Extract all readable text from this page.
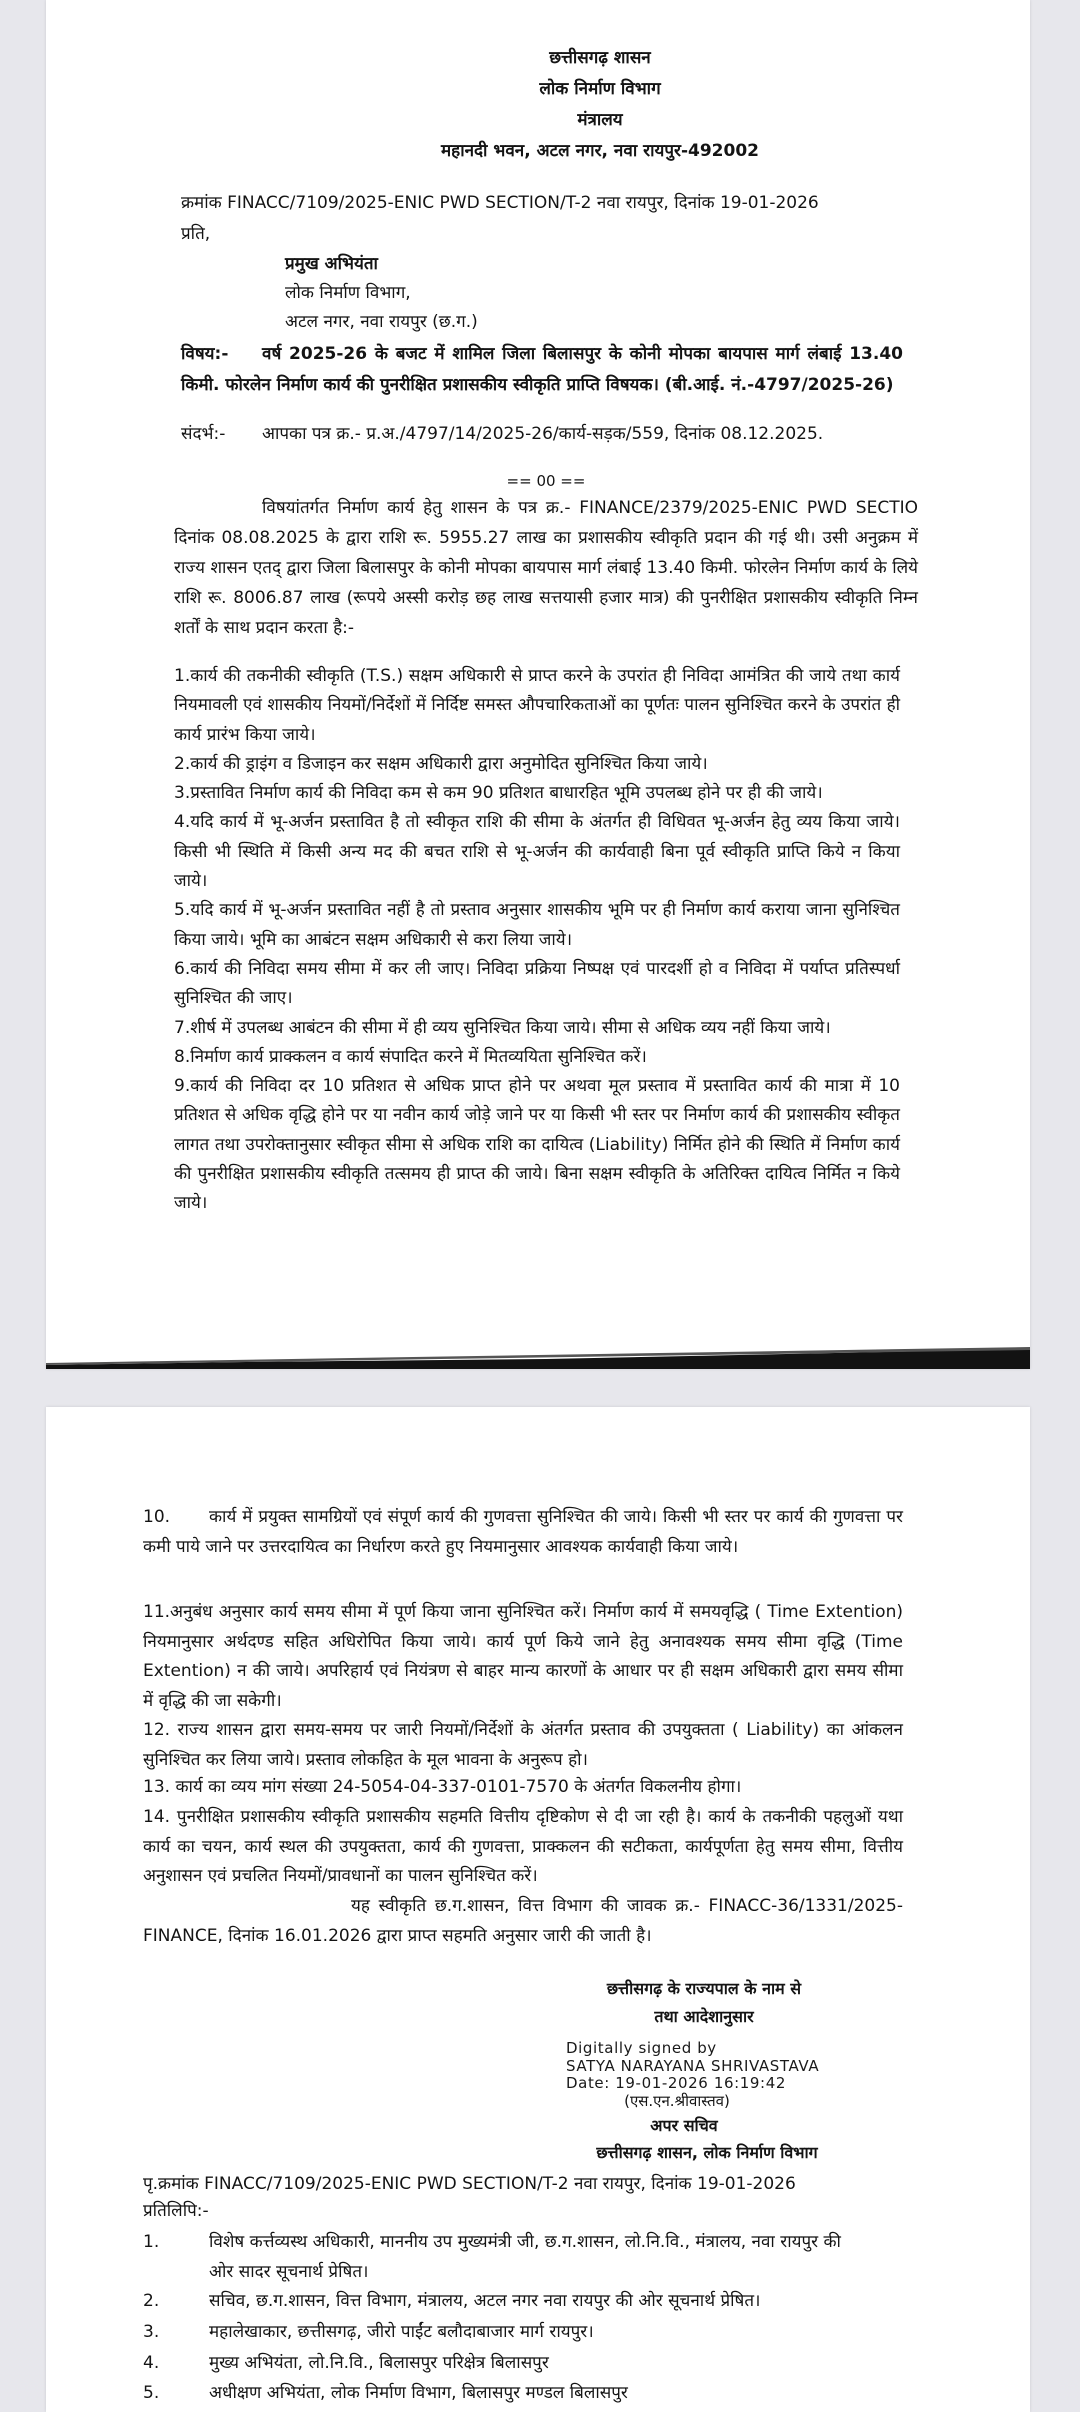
छत्तीसगढ़ शासन
लोक निर्माण विभाग
मंत्रालय
महानदी भवन, अटल नगर, नवा रायपुर-492002
क्रमांक FINACC/7109/2025-ENIC PWD SECTION/T-2 नवा रायपुर, दिनांक 19-01-2026
प्रति,
प्रमुख अभियंता
लोक निर्माण विभाग,
अटल नगर, नवा रायपुर (छ.ग.)

विषय:- वर्ष 2025-26 के बजट में शामिल जिला बिलासपुर के कोनी मोपका बायपास मार्ग लंबाई 13.40 किमी. फोरलेन निर्माण कार्य की पुनरीक्षित प्रशासकीय स्वीकृति प्राप्ति विषयक। (बी.आई. नं.-4797/2025-26)

संदर्भ:- आपका पत्र क्र.- प्र.अ./4797/14/2025-26/कार्य-सड़क/559, दिनांक 08.12.2025.
== 00 ==

विषयांतर्गत निर्माण कार्य हेतु शासन के पत्र क्र.- FINANCE/2379/2025-ENIC PWD SECTIO दिनांक 08.08.2025 के द्वारा राशि रू. 5955.27 लाख का प्रशासकीय स्वीकृति प्रदान की गई थी। उसी अनुक्रम में राज्य शासन एतद् द्वारा जिला बिलासपुर के कोनी मोपका बायपास मार्ग लंबाई 13.40 किमी. फोरलेन निर्माण कार्य के लिये राशि रू. 8006.87 लाख (रूपये अस्सी करोड़ छह लाख सत्तयासी हजार मात्र) की पुनरीक्षित प्रशासकीय स्वीकृति निम्न शर्तों के साथ प्रदान करता है:-

1.कार्य की तकनीकी स्वीकृति (T.S.) सक्षम अधिकारी से प्राप्त करने के उपरांत ही निविदा आमंत्रित की जाये तथा कार्य नियमावली एवं शासकीय नियमों/निर्देशों में निर्दिष्ट समस्त औपचारिकताओं का पूर्णतः पालन सुनिश्चित करने के उपरांत ही कार्य प्रारंभ किया जाये।

2.कार्य की ड्राइंग व डिजाइन कर सक्षम अधिकारी द्वारा अनुमोदित सुनिश्चित किया जाये।

3.प्रस्तावित निर्माण कार्य की निविदा कम से कम 90 प्रतिशत बाधारहित भूमि उपलब्ध होने पर ही की जाये।

4.यदि कार्य में भू-अर्जन प्रस्तावित है तो स्वीकृत राशि की सीमा के अंतर्गत ही विधिवत भू-अर्जन हेतु व्यय किया जाये। किसी भी स्थिति में किसी अन्य मद की बचत राशि से भू-अर्जन की कार्यवाही बिना पूर्व स्वीकृति प्राप्ति किये न किया जाये।

5.यदि कार्य में भू-अर्जन प्रस्तावित नहीं है तो प्रस्ताव अनुसार शासकीय भूमि पर ही निर्माण कार्य कराया जाना सुनिश्चित किया जाये। भूमि का आबंटन सक्षम अधिकारी से करा लिया जाये।

6.कार्य की निविदा समय सीमा में कर ली जाए। निविदा प्रक्रिया निष्पक्ष एवं पारदर्शी हो व निविदा में पर्याप्त प्रतिस्पर्धा सुनिश्चित की जाए।

7.शीर्ष में उपलब्ध आबंटन की सीमा में ही व्यय सुनिश्चित किया जाये। सीमा से अधिक व्यय नहीं किया जाये।

8.निर्माण कार्य प्राक्कलन व कार्य संपादित करने में मितव्ययिता सुनिश्चित करें।

9.कार्य की निविदा दर 10 प्रतिशत से अधिक प्राप्त होने पर अथवा मूल प्रस्ताव में प्रस्तावित कार्य की मात्रा में 10 प्रतिशत से अधिक वृद्धि होने पर या नवीन कार्य जोड़े जाने पर या किसी भी स्तर पर निर्माण कार्य की प्रशासकीय स्वीकृत लागत तथा उपरोक्तानुसार स्वीकृत सीमा से अधिक राशि का दायित्व (Liability) निर्मित होने की स्थिति में निर्माण कार्य की पुनरीक्षित प्रशासकीय स्वीकृति तत्समय ही प्राप्त की जाये। बिना सक्षम स्वीकृति के अतिरिक्त दायित्व निर्मित न किये जाये।

10. कार्य में प्रयुक्त सामग्रियों एवं संपूर्ण कार्य की गुणवत्ता सुनिश्चित की जाये। किसी भी स्तर पर कार्य की गुणवत्ता पर कमी पाये जाने पर उत्तरदायित्व का निर्धारण करते हुए नियमानुसार आवश्यक कार्यवाही किया जाये।

11.अनुबंध अनुसार कार्य समय सीमा में पूर्ण किया जाना सुनिश्चित करें। निर्माण कार्य में समयवृद्धि ( Time Extention) नियमानुसार अर्थदण्ड सहित अधिरोपित किया जाये। कार्य पूर्ण किये जाने हेतु अनावश्यक समय सीमा वृद्धि (Time Extention) न की जाये। अपरिहार्य एवं नियंत्रण से बाहर मान्य कारणों के आधार पर ही सक्षम अधिकारी द्वारा समय सीमा में वृद्धि की जा सकेगी।

12. राज्य शासन द्वारा समय-समय पर जारी नियमों/निर्देशों के अंतर्गत प्रस्ताव की उपयुक्तता ( Liability) का आंकलन सुनिश्चित कर लिया जाये। प्रस्ताव लोकहित के मूल भावना के अनुरूप हो।

13. कार्य का व्यय मांग संख्या 24-5054-04-337-0101-7570 के अंतर्गत विकलनीय होगा।

14. पुनरीक्षित प्रशासकीय स्वीकृति प्रशासकीय सहमति वित्तीय दृष्टिकोण से दी जा रही है। कार्य के तकनीकी पहलुओं यथा कार्य का चयन, कार्य स्थल की उपयुक्तता, कार्य की गुणवत्ता, प्राक्कलन की सटीकता, कार्यपूर्णता हेतु समय सीमा, वित्तीय अनुशासन एवं प्रचलित नियमों/प्रावधानों का पालन सुनिश्चित करें।

यह स्वीकृति छ.ग.शासन, वित्त विभाग की जावक क्र.- FINACC-36/1331/2025-FINANCE, दिनांक 16.01.2026 द्वारा प्राप्त सहमति अनुसार जारी की जाती है।

छत्तीसगढ़ के राज्यपाल के नाम से
तथा आदेशानुसार
Digitally signed by
SATYA NARAYANA SHRIVASTAVA
Date: 19-01-2026 16:19:42
(एस.एन.श्रीवास्तव)
अपर सचिव
छत्तीसगढ़ शासन, लोक निर्माण विभाग
पृ.क्रमांक FINACC/7109/2025-ENIC PWD SECTION/T-2 नवा रायपुर, दिनांक 19-01-2026
प्रतिलिपि:-
1.	विशेष कर्त्तव्यस्थ अधिकारी, माननीय उप मुख्यमंत्री जी, छ.ग.शासन, लो.नि.वि., मंत्रालय, नवा रायपुर की ओर सादर सूचनार्थ प्रेषित।
2.	सचिव, छ.ग.शासन, वित्त विभाग, मंत्रालय, अटल नगर नवा रायपुर की ओर सूचनार्थ प्रेषित।
3.	महालेखाकार, छत्तीसगढ़, जीरो पाईंट बलौदाबाजार मार्ग रायपुर।
4.	मुख्य अभियंता, लो.नि.वि., बिलासपुर परिक्षेत्र बिलासपुर
5.	अधीक्षण अभियंता, लोक निर्माण विभाग, बिलासपुर मण्डल बिलासपुर
